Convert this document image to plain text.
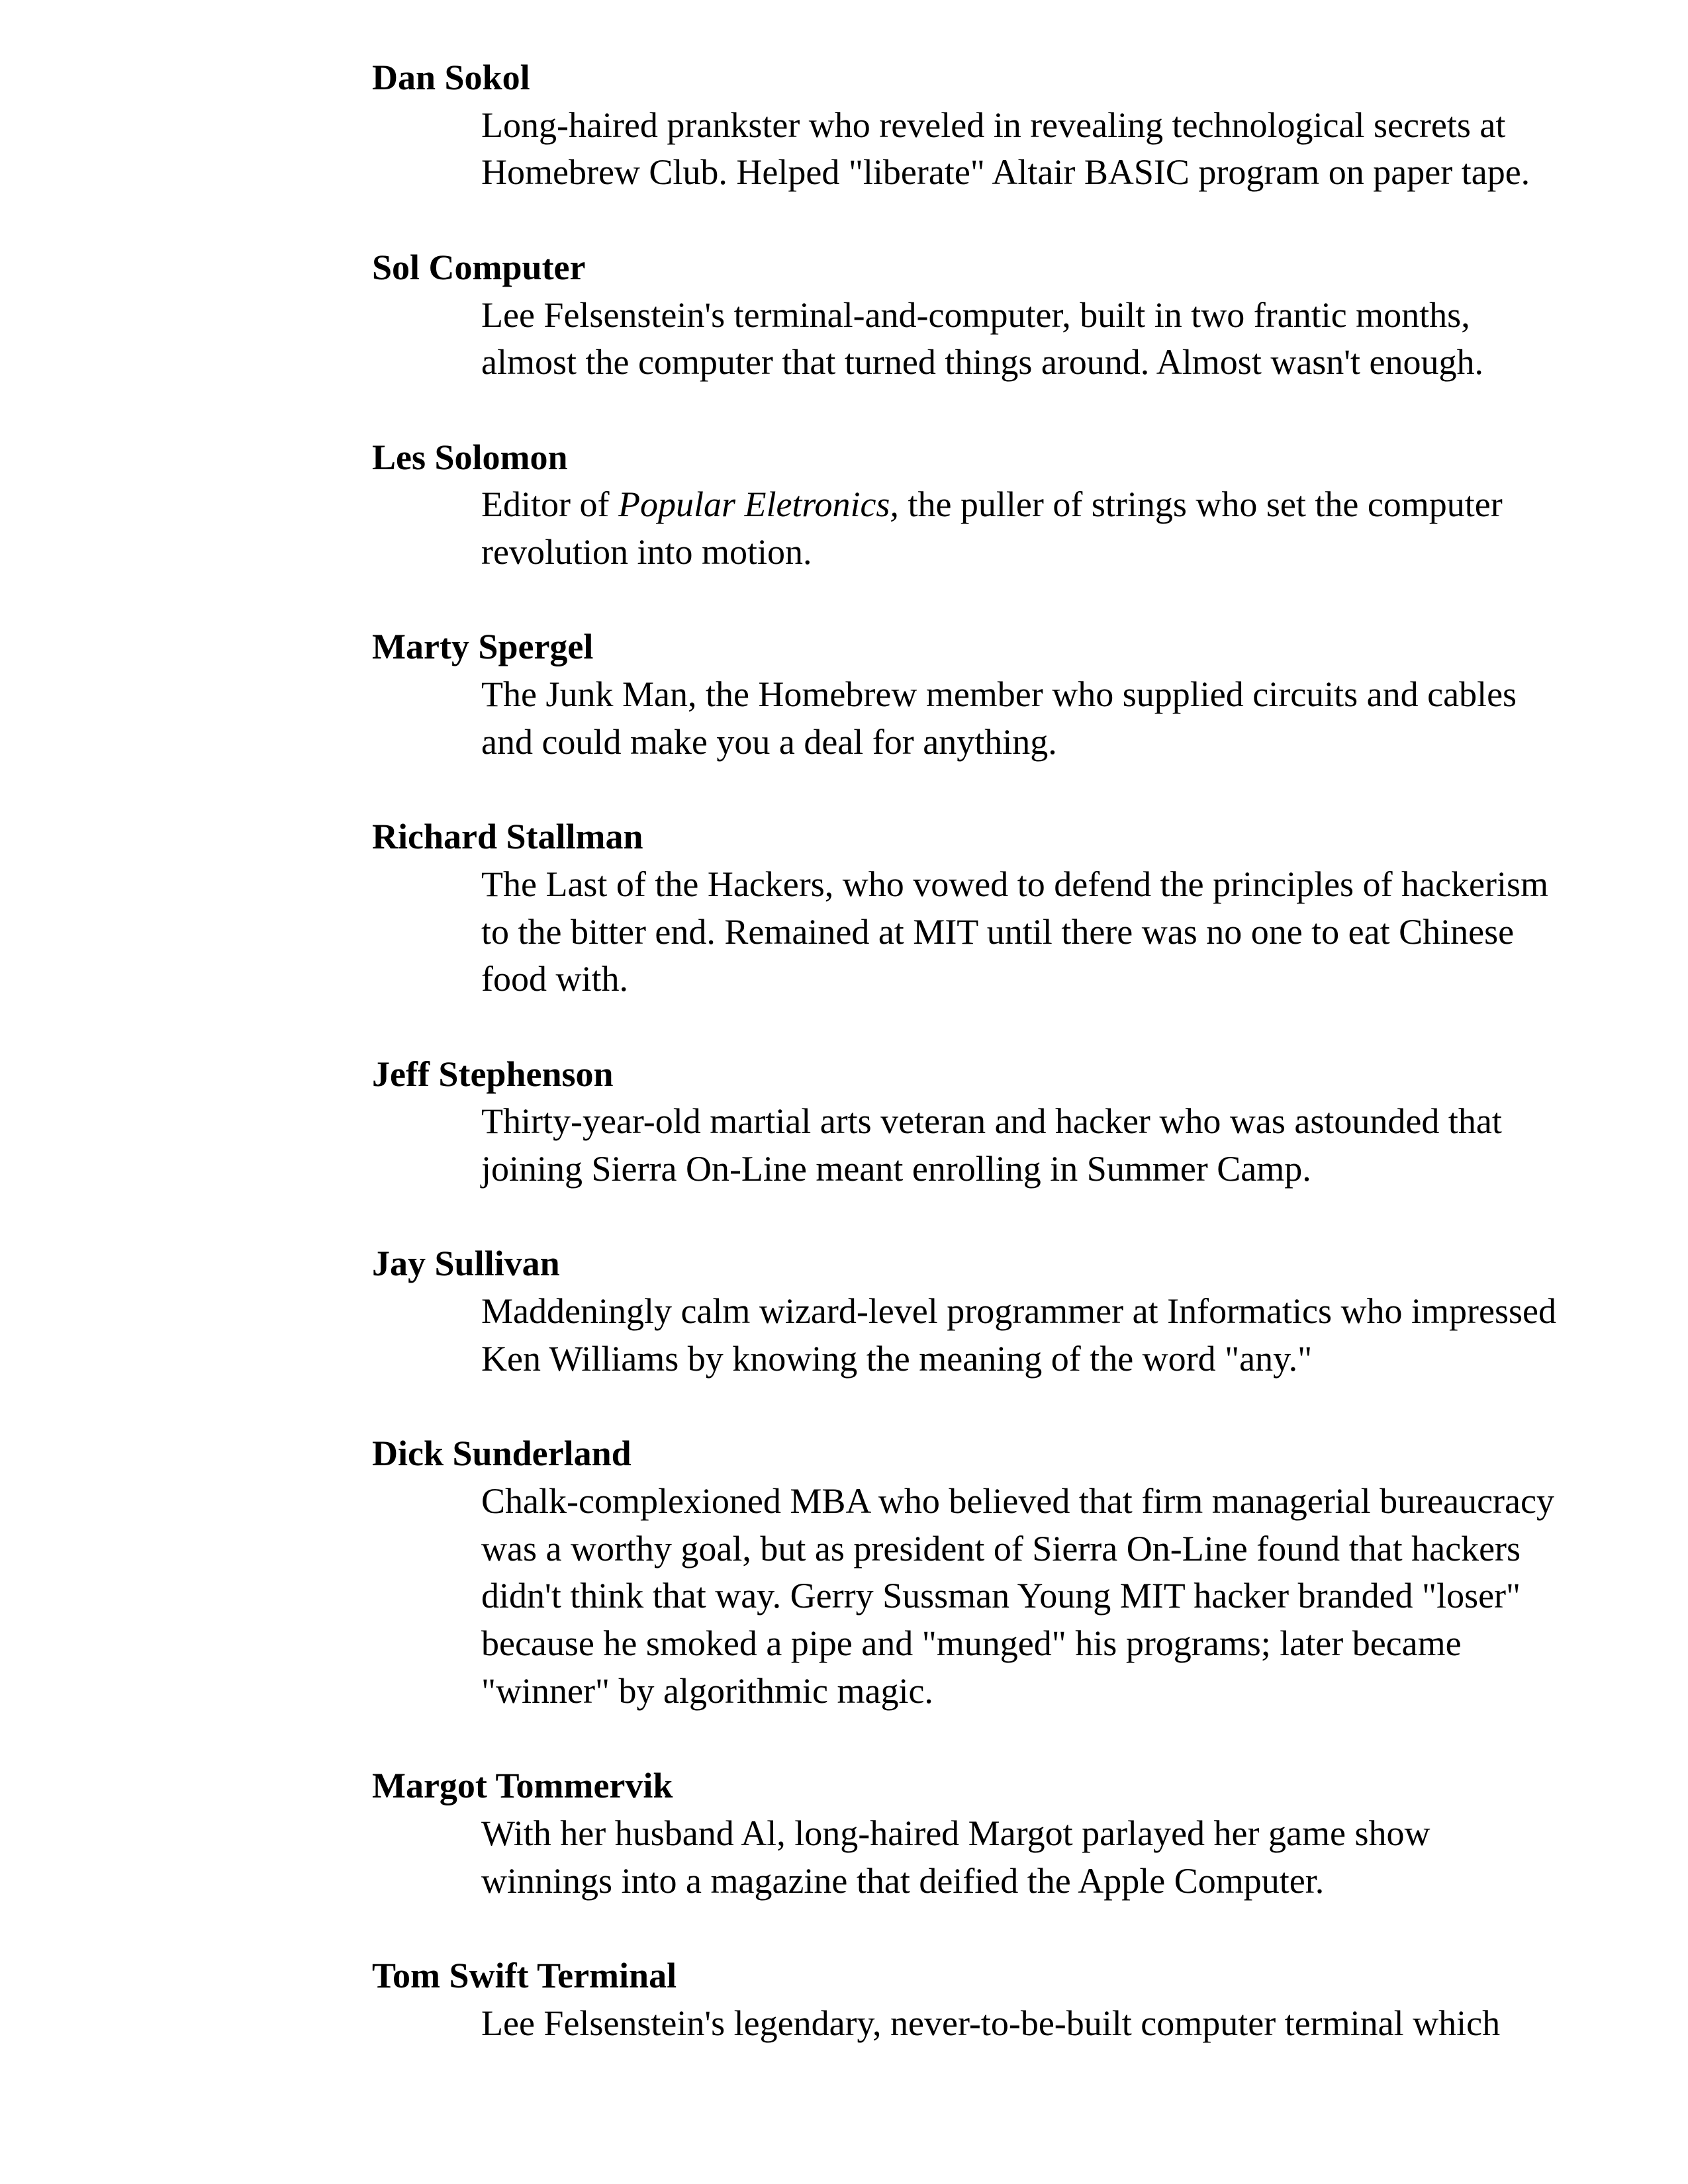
Dan Sokol
Long-haired prankster who reveled in revealing technological secrets at
Homebrew Club. Helped "liberate" Altair BASIC program on paper tape.
Sol Computer
Lee Felsenstein's terminal-and-computer, built in two frantic months,
almost the computer that turned things around. Almost wasn't enough.
Les Solomon
Editor of Popular Eletronics, the puller of strings who set the computer
revolution into motion.
Marty Spergel
The Junk Man, the Homebrew member who supplied circuits and cables
and could make you a deal for anything.
Richard Stallman
The Last of the Hackers, who vowed to defend the principles of hackerism
to the bitter end. Remained at MIT until there was no one to eat Chinese
food with.
Jeff Stephenson
Thirty-year-old martial arts veteran and hacker who was astounded that
joining Sierra On-Line meant enrolling in Summer Camp.
Jay Sullivan
Maddeningly calm wizard-level programmer at Informatics who impressed
Ken Williams by knowing the meaning of the word "any."
Dick Sunderland
Chalk-complexioned MBA who believed that firm managerial bureaucracy
was a worthy goal, but as president of Sierra On-Line found that hackers
didn't think that way. Gerry Sussman Young MIT hacker branded "loser"
because he smoked a pipe and "munged" his programs; later became
"winner" by algorithmic magic.
Margot Tommervik
With her husband Al, long-haired Margot parlayed her game show
winnings into a magazine that deified the Apple Computer.
Tom Swift Terminal
Lee Felsenstein's legendary, never-to-be-built computer terminal which
